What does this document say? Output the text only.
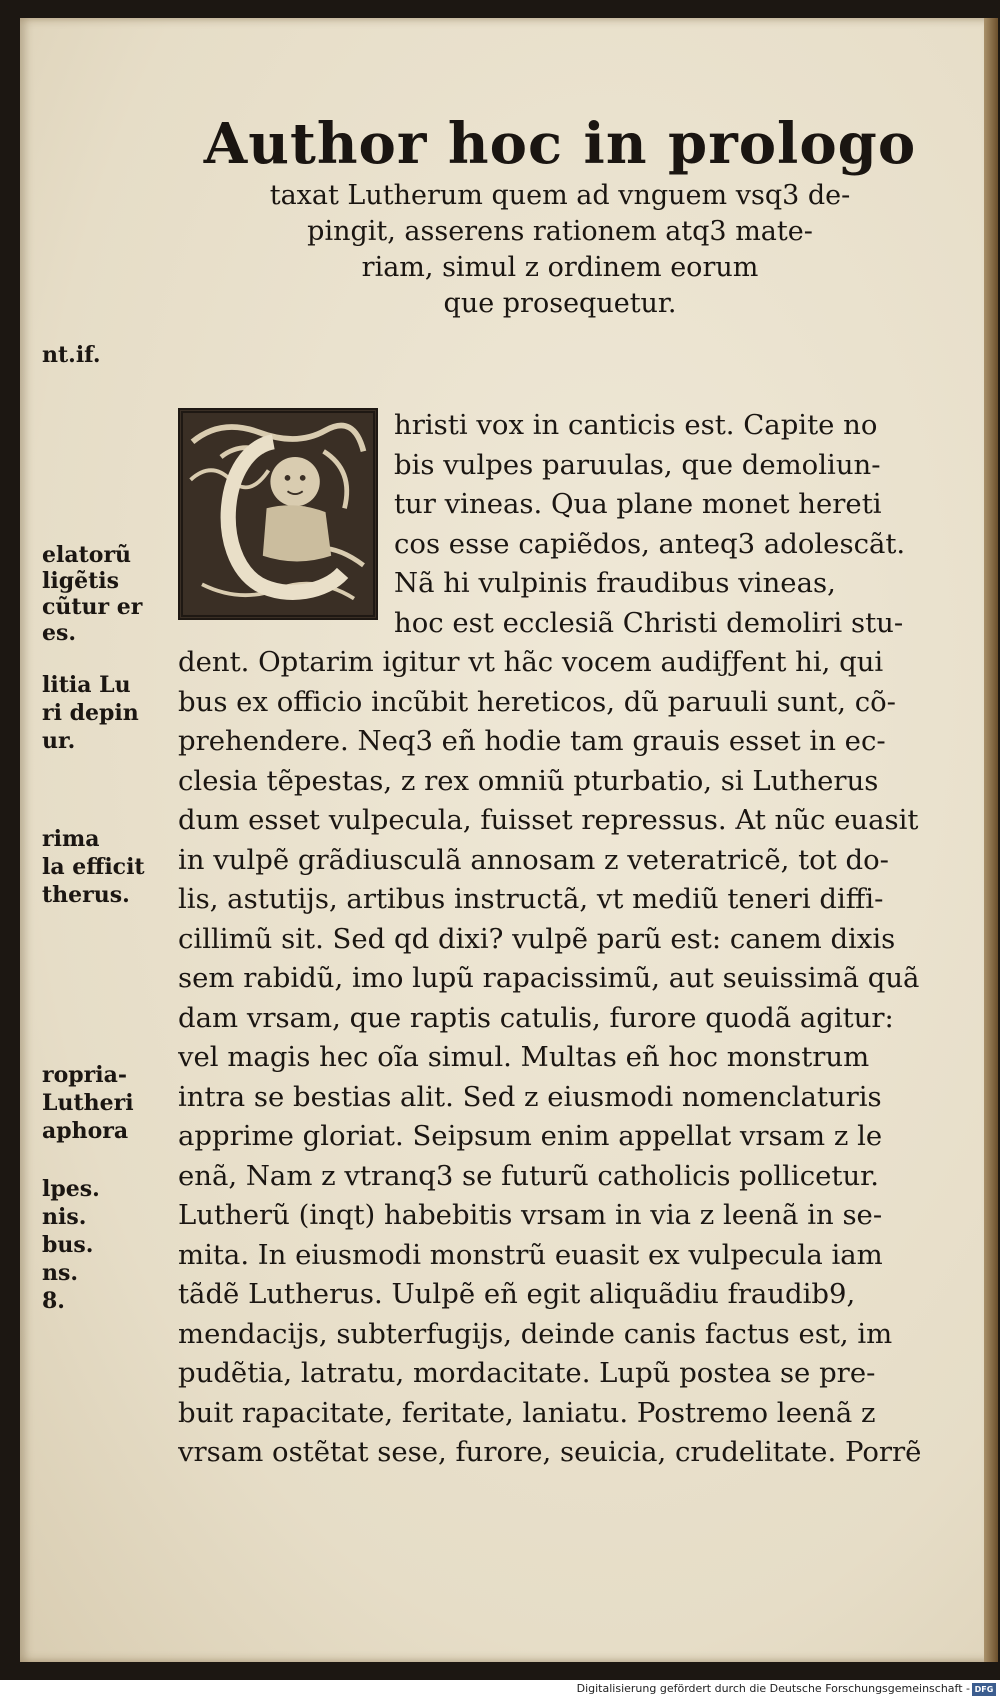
Author hoc in prologo
taxat Lutherum quem ad vnguem vsq3 de-
pingit, asserens rationem atq3 mate-
riam, simul z ordinem eorum
que prosequetur.
hristi vox in canticis est. Capite no
bis vulpes paruulas, que demoliun-
tur vineas. Qua plane monet hereti
cos esse capiẽdos, anteq3 adolescãt.
Nã hi vulpinis fraudibus vineas,
hoc est ecclesiã Christi demoliri stu-
dent. Optarim igitur vt hãc vocem audiƒƒent hi, qui
bus ex officio incũbit hereticos, dũ paruuli sunt, cõ-
prehendere. Neq3 eñ hodie tam grauis esset in ec-
clesia tẽpestas, z rex omniũ pturbatio, si Lutherus
dum esset vulpecula, fuisset repressus. At nũc euasit
in vulpẽ grãdiusculã annosam z veteratricẽ, tot do-
lis, astutijs, artibus instructã, vt mediũ teneri diffi-
cillimũ sit. Sed qd dixi? vulpẽ parũ est: canem dixis
sem rabidũ, imo lupũ rapacissimũ, aut seuissimã quã
dam vrsam, que raptis catulis, furore quodã agitur:
vel magis hec oĩa simul. Multas eñ hoc monstrum
intra se bestias alit. Sed z eiusmodi nomenclaturis
apprime gloriat. Seipsum enim appellat vrsam z le
enã, Nam z vtranq3 se futurũ catholicis pollicetur.
Lutherũ (inqt) habebitis vrsam in via z leenã in se-
mita. In eiusmodi monstrũ euasit ex vulpecula iam
tãdẽ Lutherus. Uulpẽ eñ egit aliquãdiu fraudib9,
mendacijs, subterfugijs, deinde canis factus est, im
pudẽtia, latratu, mordacitate. Lupũ postea se pre-
buit rapacitate, feritate, laniatu. Postremo leenã z
vrsam ostẽtat sese, furore, seuicia, crudelitate. Porrẽ
nt.if.
elatorũ
ligẽtis
cũtur er
es.
litia Lu
ri depin
ur.
rima
la efficit
therus.
ropria-
Lutheri
aphora
lpes.
nis.
bus.
ns.
8.
Digitalisierung gefördert durch die Deutsche Forschungsgemeinschaft - DFG
